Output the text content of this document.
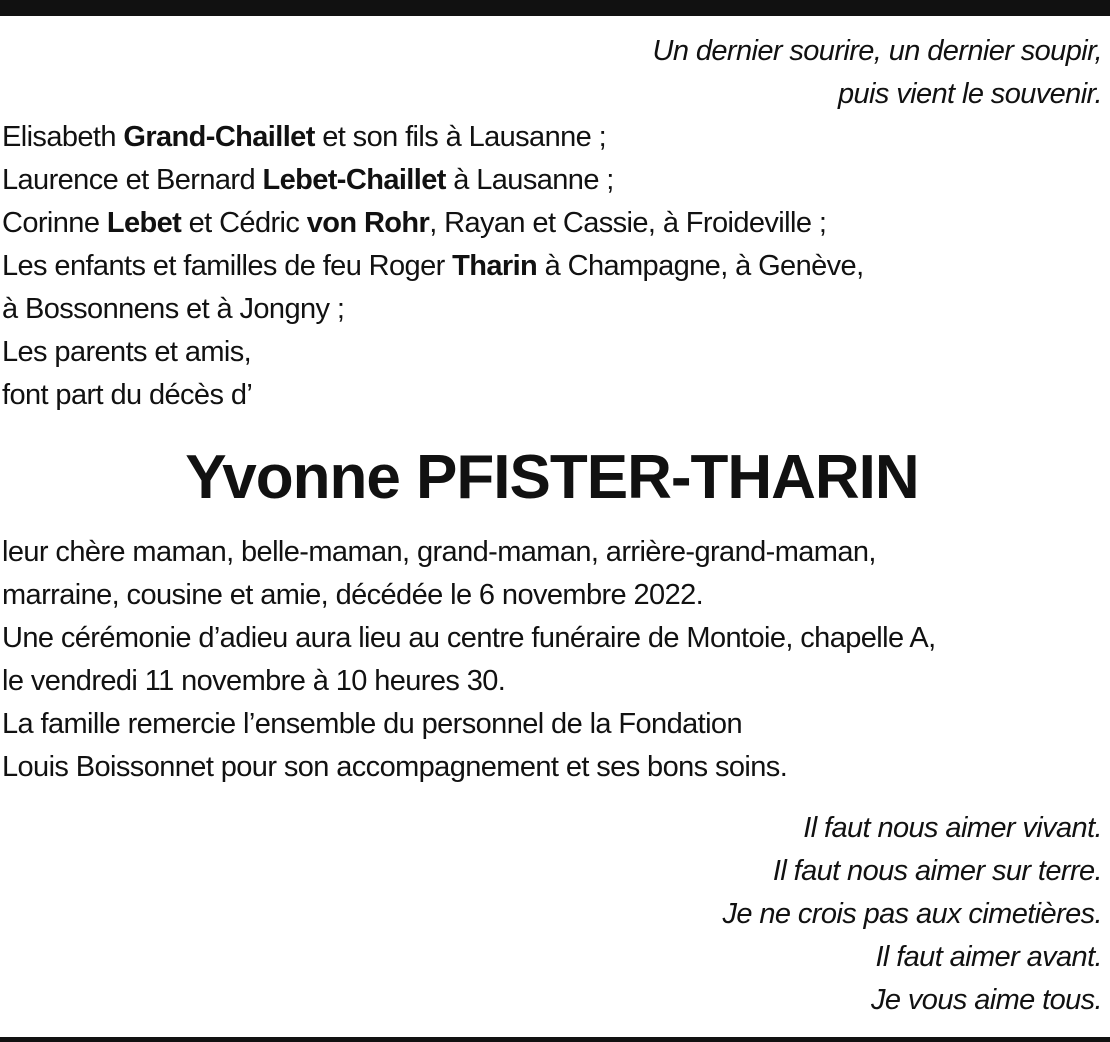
Un dernier sourire, un dernier soupir,
puis vient le souvenir.
Elisabeth Grand-Chaillet et son fils à Lausanne ;
Laurence et Bernard Lebet-Chaillet à Lausanne ;
Corinne Lebet et Cédric von Rohr, Rayan et Cassie, à Froideville ;
Les enfants et familles de feu Roger Tharin à Champagne, à Genève,
à Bossonnens et à Jongny ;
Les parents et amis,
font part du décès d’
Yvonne PFISTER-THARIN
leur chère maman, belle-maman, grand-maman, arrière-grand-maman,
marraine, cousine et amie, décédée le 6 novembre 2022.
Une cérémonie d’adieu aura lieu au centre funéraire de Montoie, chapelle A,
le vendredi 11 novembre à 10 heures 30.
La famille remercie l’ensemble du personnel de la Fondation
Louis Boissonnet pour son accompagnement et ses bons soins.
Il faut nous aimer vivant.
Il faut nous aimer sur terre.
Je ne crois pas aux cimetières.
Il faut aimer avant.
Je vous aime tous.
